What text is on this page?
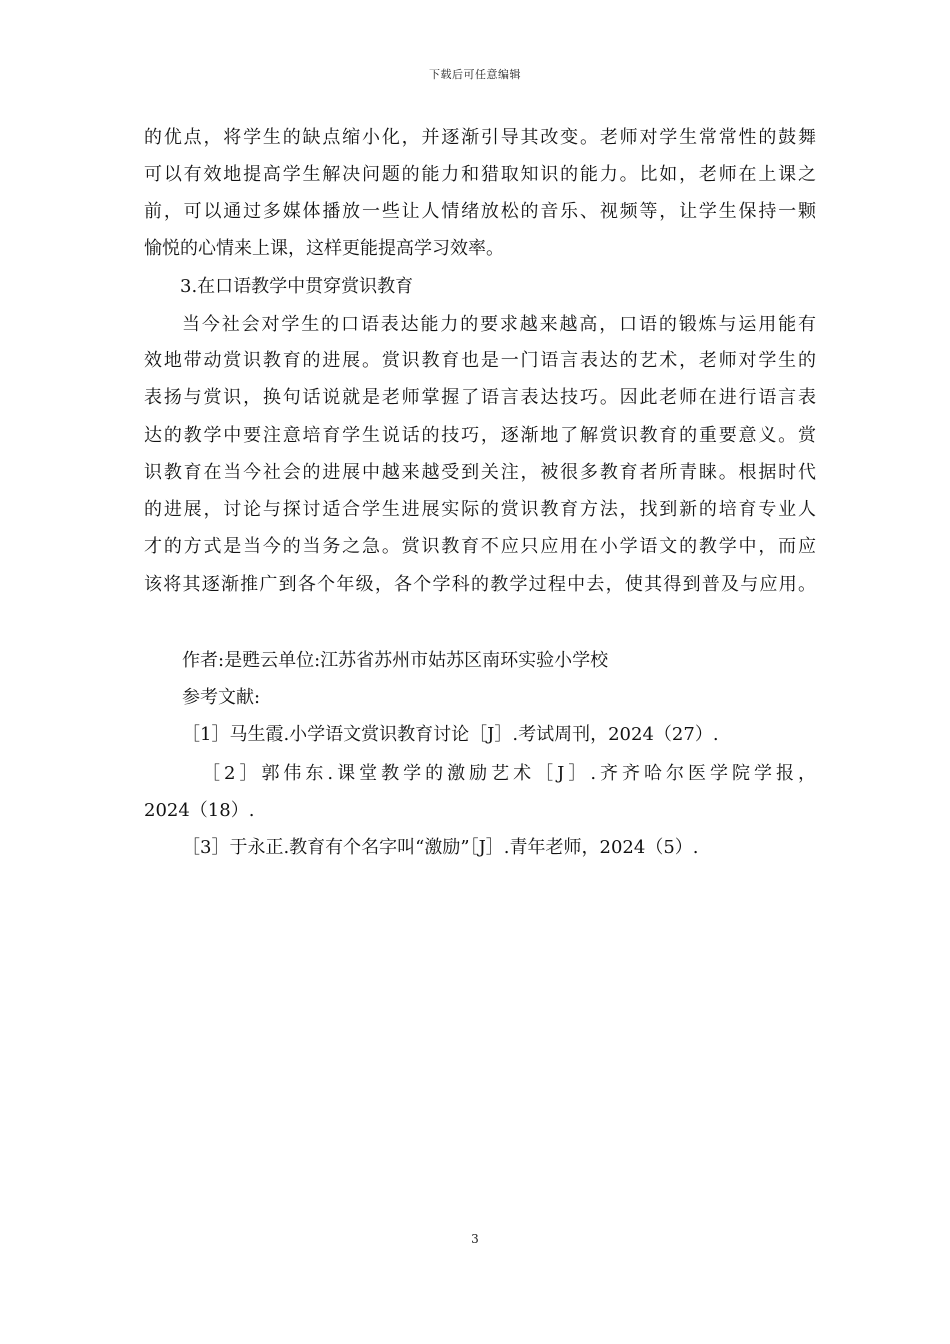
下载后可任意编辑
的优点，将学生的缺点缩小化，并逐渐引导其改变。老师对学生常常性的鼓舞
可以有效地提高学生解决问题的能力和猎取知识的能力。比如，老师在上课之
前，可以通过多媒体播放一些让人情绪放松的音乐、视频等，让学生保持一颗
愉悦的心情来上课，这样更能提高学习效率。
3.在口语教学中贯穿赏识教育
当今社会对学生的口语表达能力的要求越来越高，口语的锻炼与运用能有
效地带动赏识教育的进展。赏识教育也是一门语言表达的艺术，老师对学生的
表扬与赏识，换句话说就是老师掌握了语言表达技巧。因此老师在进行语言表
达的教学中要注意培育学生说话的技巧，逐渐地了解赏识教育的重要意义。赏
识教育在当今社会的进展中越来越受到关注，被很多教育者所青睐。根据时代
的进展，讨论与探讨适合学生进展实际的赏识教育方法，找到新的培育专业人
才的方式是当今的当务之急。赏识教育不应只应用在小学语文的教学中，而应
该将其逐渐推广到各个年级，各个学科的教学过程中去，使其得到普及与应用。
作者:是甦云单位:江苏省苏州市姑苏区南环实验小学校
参考文献:
［1］马生霞.小学语文赏识教育讨论［J］.考试周刊，2024（27）.
［2］郭伟东.课堂教学的激励艺术［J］.齐齐哈尔医学院学报，
2024（18）.
［3］于永正.教育有个名字叫“激励”［J］.青年老师，2024（5）.
3
